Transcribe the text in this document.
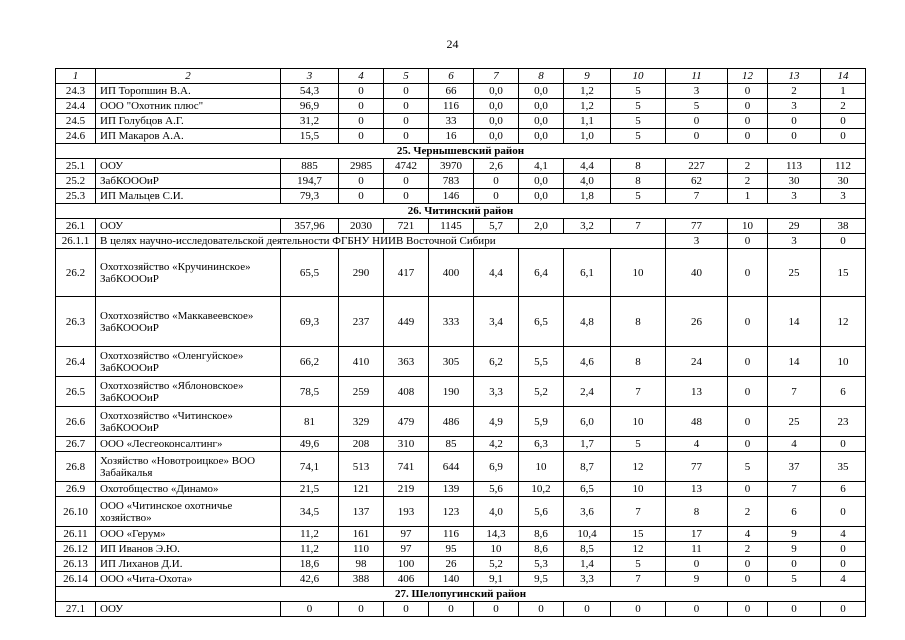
24
1	2	3	4	5	6	7	8	9	10	11	12	13	14
24.3	ИП Торопшин В.А.	54,3	0	0	66	0,0	0,0	1,2	5	3	0	2	1
24.4	ООО "Охотник плюс"	96,9	0	0	116	0,0	0,0	1,2	5	5	0	3	2
24.5	ИП Голубцов А.Г.	31,2	0	0	33	0,0	0,0	1,1	5	0	0	0	0
24.6	ИП Макаров А.А.	15,5	0	0	16	0,0	0,0	1,0	5	0	0	0	0
25. Чернышевский район													
25.1	ООУ	885	2985	4742	3970	2,6	4,1	4,4	8	227	2	113	112
25.2	ЗабКОООиР	194,7	0	0	783	0	0,0	4,0	8	62	2	30	30
25.3	ИП Мальцев С.И.	79,3	0	0	146	0	0,0	1,8	5	7	1	3	3
26. Читинский район													
26.1	ООУ	357,96	2030	721	1145	5,7	2,0	3,2	7	77	10	29	38
26.1.1	В целях научно-исследовательской деятельности ФГБНУ НИИВ Восточной Сибири									3	0	3	0
26.2	Охотхозяйство «Кручининское» ЗабКОООиР	65,5	290	417	400	4,4	6,4	6,1	10	40	0	25	15
26.3	Охотхозяйство «Маккавеевское» ЗабКОООиР	69,3	237	449	333	3,4	6,5	4,8	8	26	0	14	12
26.4	Охотхозяйство «Оленгуйское» ЗабКОООиР	66,2	410	363	305	6,2	5,5	4,6	8	24	0	14	10
26.5	Охотхозяйство «Яблоновское» ЗабКОООиР	78,5	259	408	190	3,3	5,2	2,4	7	13	0	7	6
26.6	Охотхозяйство «Читинское» ЗабКОООиР	81	329	479	486	4,9	5,9	6,0	10	48	0	25	23
26.7	ООО «Лесгеоконсалтинг»	49,6	208	310	85	4,2	6,3	1,7	5	4	0	4	0
26.8	Хозяйство «Новотроицкое» ВОО Забайкалья	74,1	513	741	644	6,9	10	8,7	12	77	5	37	35
26.9	Охотобщество «Динамо»	21,5	121	219	139	5,6	10,2	6,5	10	13	0	7	6
26.10	ООО «Читинское охотничье хозяйство»	34,5	137	193	123	4,0	5,6	3,6	7	8	2	6	0
26.11	ООО «Герум»	11,2	161	97	116	14,3	8,6	10,4	15	17	4	9	4
26.12	ИП Иванов Э.Ю.	11,2	110	97	95	10	8,6	8,5	12	11	2	9	0
26.13	ИП Лиханов Д.И.	18,6	98	100	26	5,2	5,3	1,4	5	0	0	0	0
26.14	ООО «Чита-Охота»	42,6	388	406	140	9,1	9,5	3,3	7	9	0	5	4
27. Шелопугинский район													
27.1	ООУ	0	0	0	0	0	0	0	0	0	0	0	0
